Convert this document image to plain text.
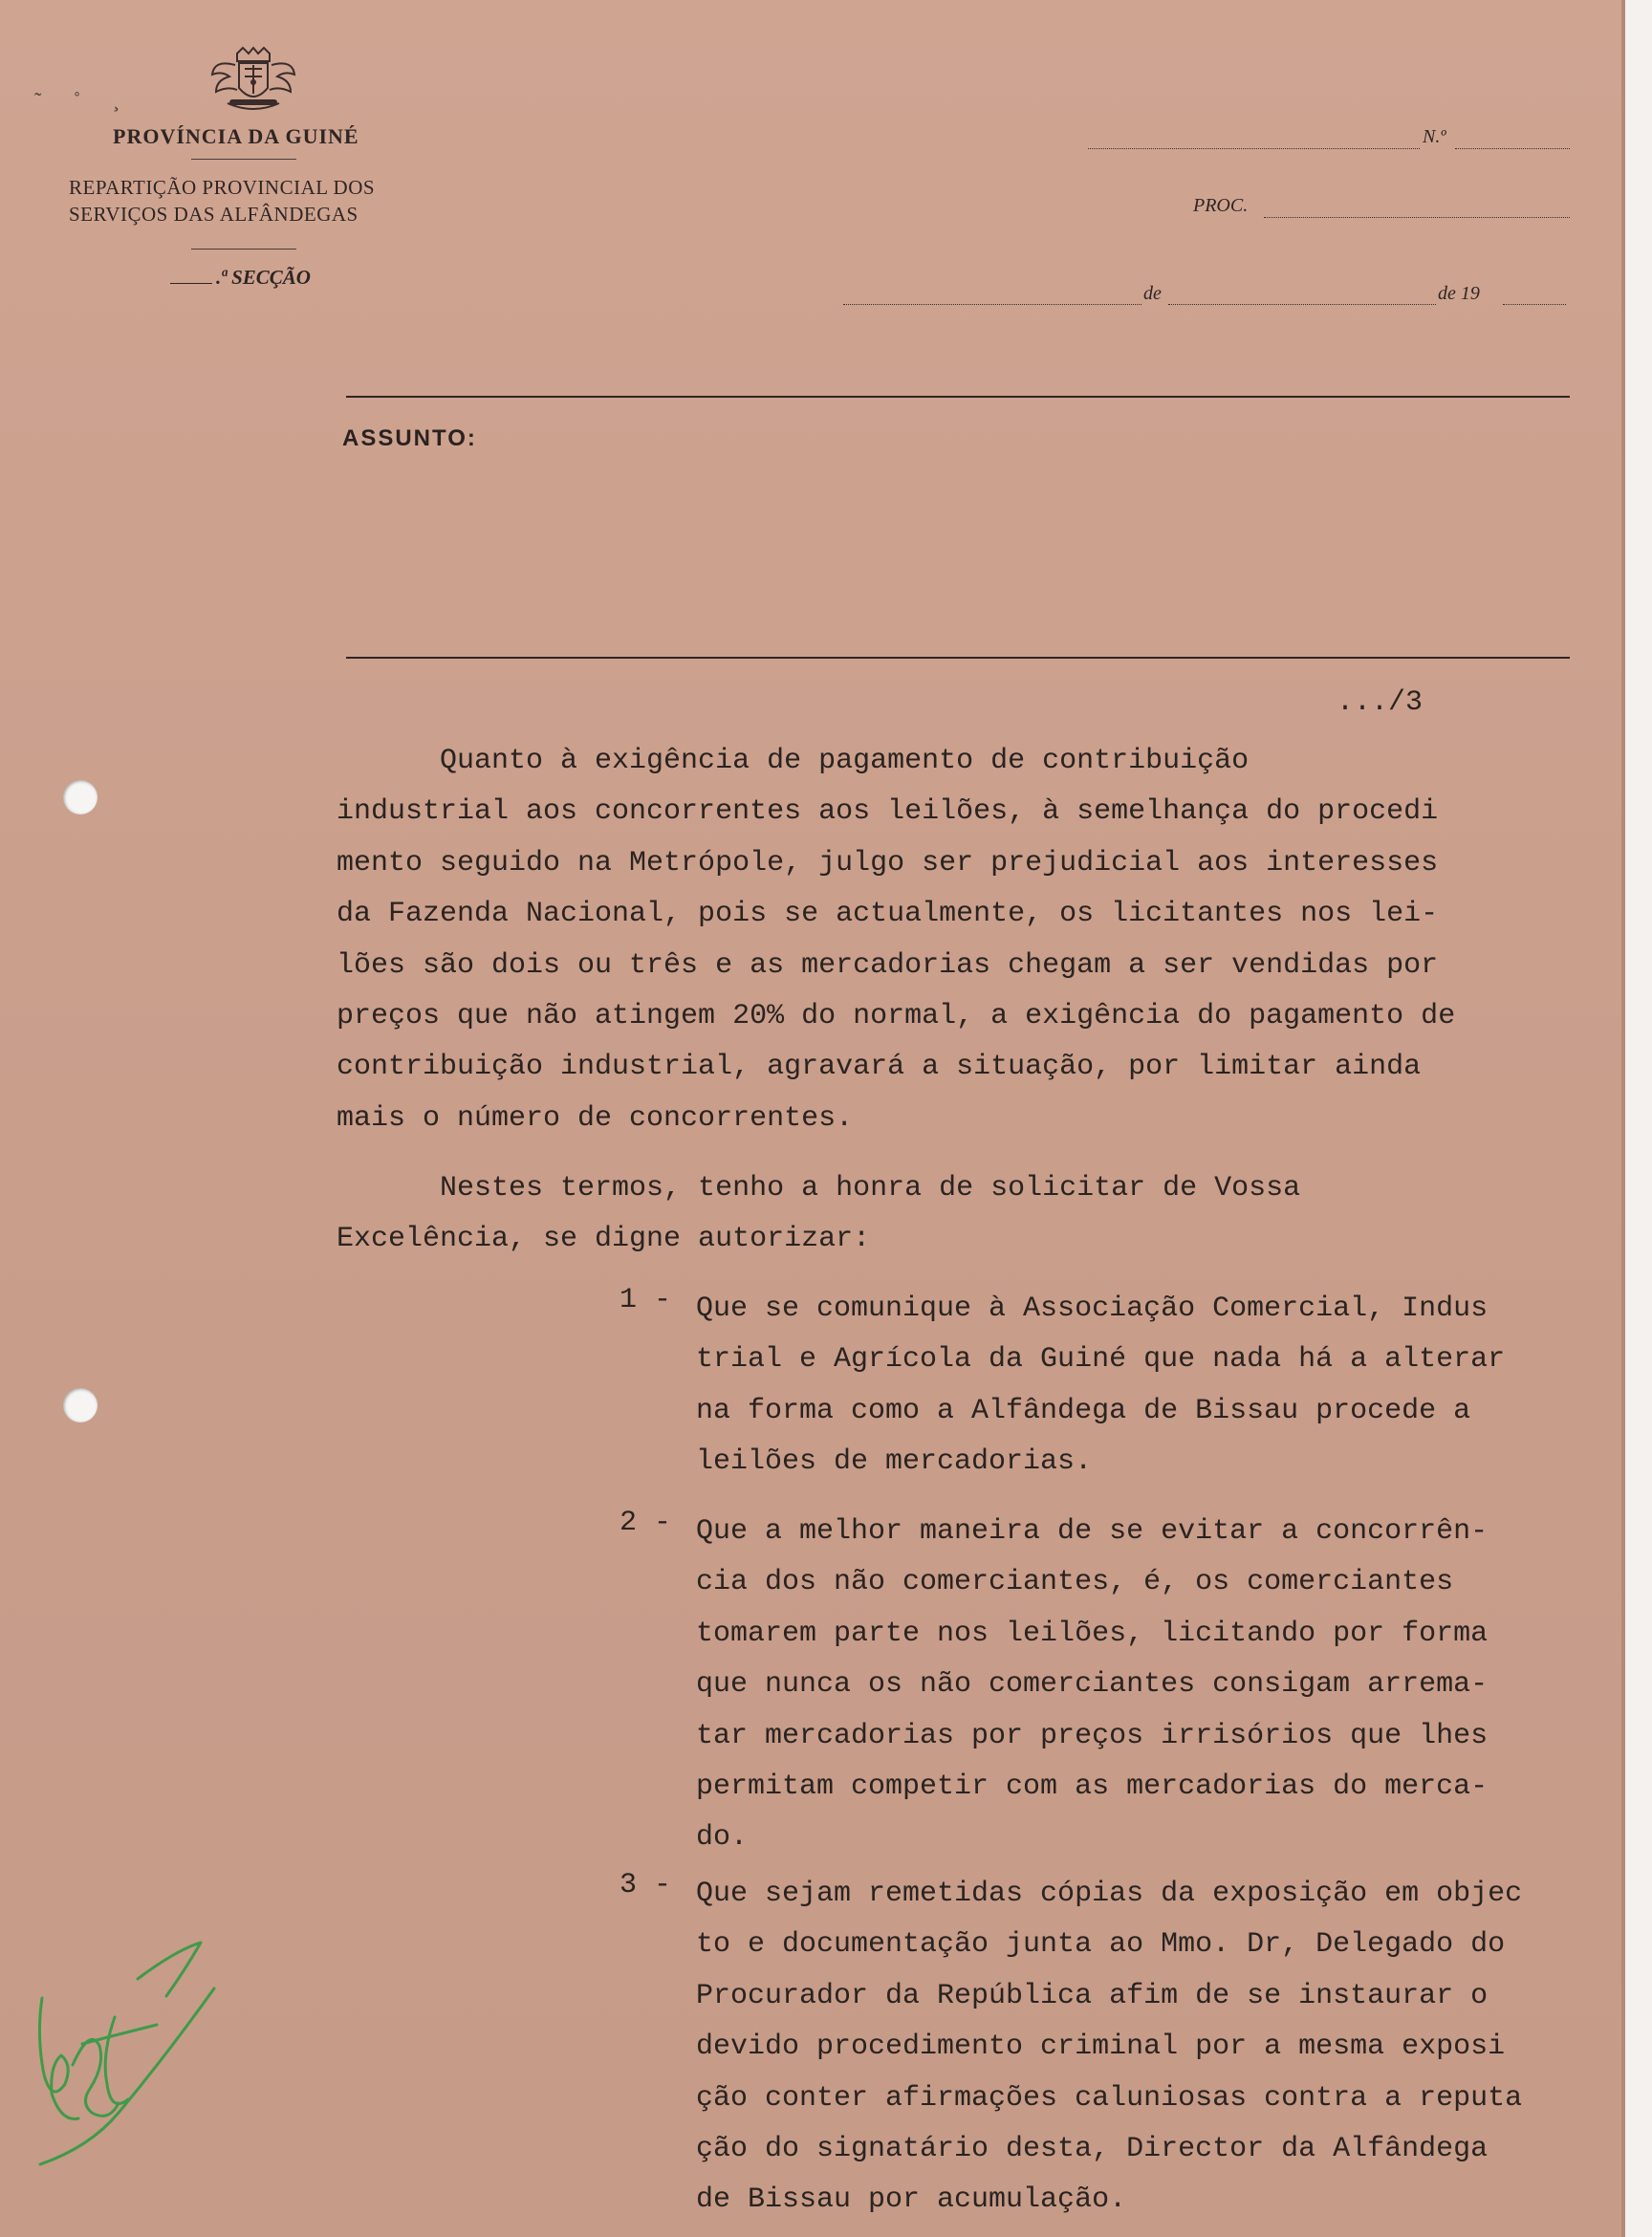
˜ ˚ ¸
PROVÍNCIA DA GUINÉ
REPARTIÇÃO PROVINCIAL DOS
SERVIÇOS DAS ALFÂNDEGAS
.ª SECÇÃO
N.º
PROC.
de	de 19
ASSUNTO:
.../3
Quanto à exigência de pagamento de contribuição
industrial aos concorrentes aos leilões, à semelhança do procedi
mento seguido na Metrópole, julgo ser prejudicial aos interesses
da Fazenda Nacional, pois se actualmente, os licitantes nos lei-
lões são dois ou três e as mercadorias chegam a ser vendidas por
preços que não atingem 20% do normal, a exigência do pagamento de
contribuição industrial, agravará a situação, por limitar ainda
mais o número de concorrentes.
Nestes termos, tenho a honra de solicitar de Vossa
Excelência, se digne autorizar:
1 - Que se comunique à Associação Comercial, Indus
trial e Agrícola da Guiné que nada há a alterar
na forma como a Alfândega de Bissau procede a
leilões de mercadorias.
2 - Que a melhor maneira de se evitar a concorrên-
cia dos não comerciantes, é, os comerciantes
tomarem parte nos leilões, licitando por forma
que nunca os não comerciantes consigam arrema-
tar mercadorias por preços irrisórios que lhes
permitam competir com as mercadorias do merca-
do.
3 - Que sejam remetidas cópias da exposição em objec
to e documentação junta ao Mmo. Dr, Delegado do
Procurador da República afim de se instaurar o
devido procedimento criminal por a mesma exposi
ção conter afirmações caluniosas contra a reputa
ção do signatário desta, Director da Alfândega
de Bissau por acumulação.
